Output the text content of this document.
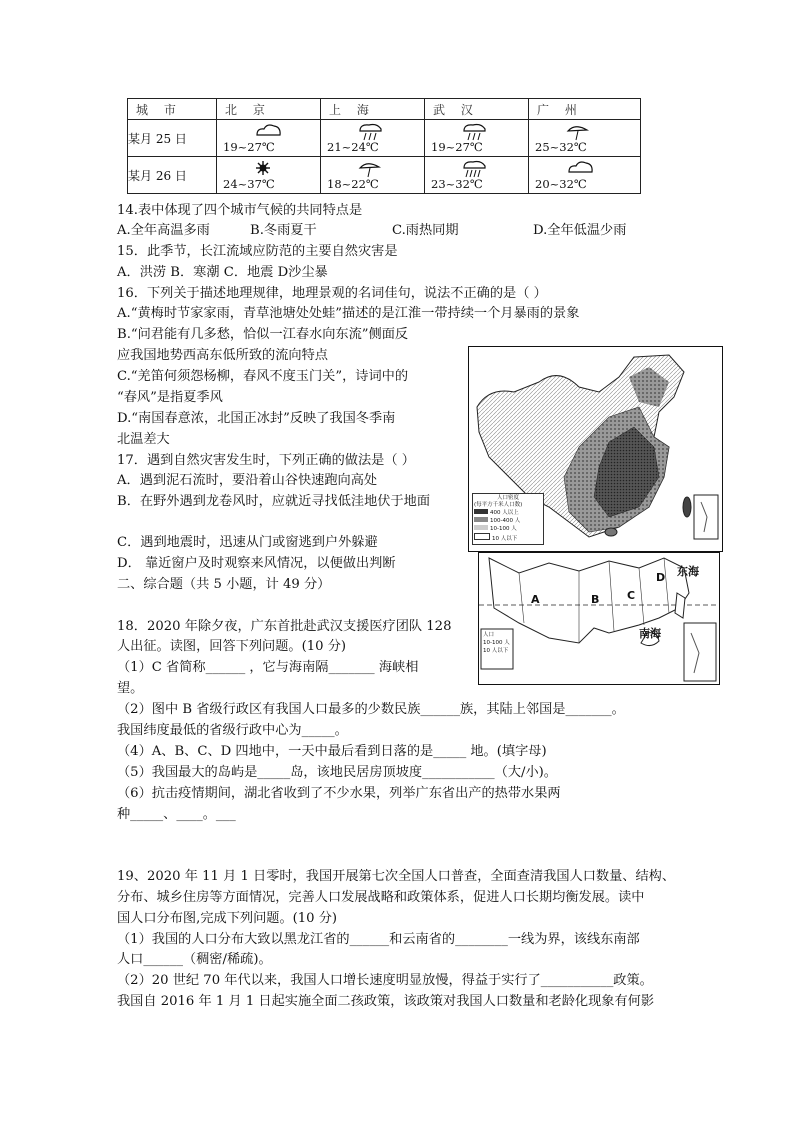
城 市	北 京	上 海	武 汉	广 州
某月 25 日	19~27℃	21~24℃	19~27℃	25~32℃

某月 26 日	24~37℃	18~22℃	23~32℃	20~32℃
14.表中体现了四个城市气候的共同特点是
A.全年高温多雨	B.冬雨夏干	C.雨热同期	D.全年低温少雨
15．此季节，长江流域应防范的主要自然灾害是
A．洪涝 B．寒潮 C．地震 D沙尘暴
16．下列关于描述地理规律，地理景观的名词佳句，说法不正确的是（ ）
A.“黄梅时节家家雨，青草池塘处处蛙”描述的是江淮一带持续一个月暴雨的景象
B.“问君能有几多愁，恰似一江春水向东流”侧面反
应我国地势西高东低所致的流向特点
C.“羌笛何须怨杨柳，春风不度玉门关”，诗词中的
“春风”是指夏季风
D.“南国春意浓，北国正冰封”反映了我国冬季南
北温差大
17．遇到自然灾害发生时，下列正确的做法是（ ）
A．遇到泥石流时，要沿着山谷快速跑向高处
B．在野外遇到龙卷风时，应就近寻找低洼地伏于地面
C．遇到地震时，迅速从门或窗逃到户外躲避
D． 靠近窗户及时观察来风情况，以便做出判断
二、综合题（共 5 小题，计 49 分）
18．2020 年除夕夜，广东首批赴武汉支援医疗团队 128
人出征。读图，回答下列问题。(10 分)
（1）C 省简称______ ，它与海南隔_______ 海峡相
望。
（2）图中 B 省级行政区有我国人口最多的少数民族______族，其陆上邻国是_______。
我国纬度最低的省级行政中心为_____。
（4）A、B、C、D 四地中，一天中最后看到日落的是_____ 地。(填字母)
（5）我国最大的岛屿是_____岛，该地民居房顶坡度___________（大/小)。
（6）抗击疫情期间，湖北省收到了不少水果，列举广东省出产的热带水果两
种_____、____。___
19、2020 年 11 月 1 日零时，我国开展第七次全国人口普查，全面查清我国人口数量、结构、
分布、城乡住房等方面情况，完善人口发展战略和政策体系，促进人口长期均衡发展。读中
国人口分布图,完成下列问题。(10 分)
（1）我国的人口分布大致以黑龙江省的______和云南省的________一线为界，该线东南部
人口______（稠密/稀疏)。
（2）20 世纪 70 年代以来，我国人口增长速度明显放慢，得益于实行了___________政策。
我国自 2016 年 1 月 1 日起实施全面二孩政策，该政策对我国人口数量和老龄化现象有何影
人口密度
(每平方千米人口数)
400 人以上
100-400 人
10-100 人
10 人以下
A	B	C
D 东海
南海
人口
10-100 人
10 人以下
